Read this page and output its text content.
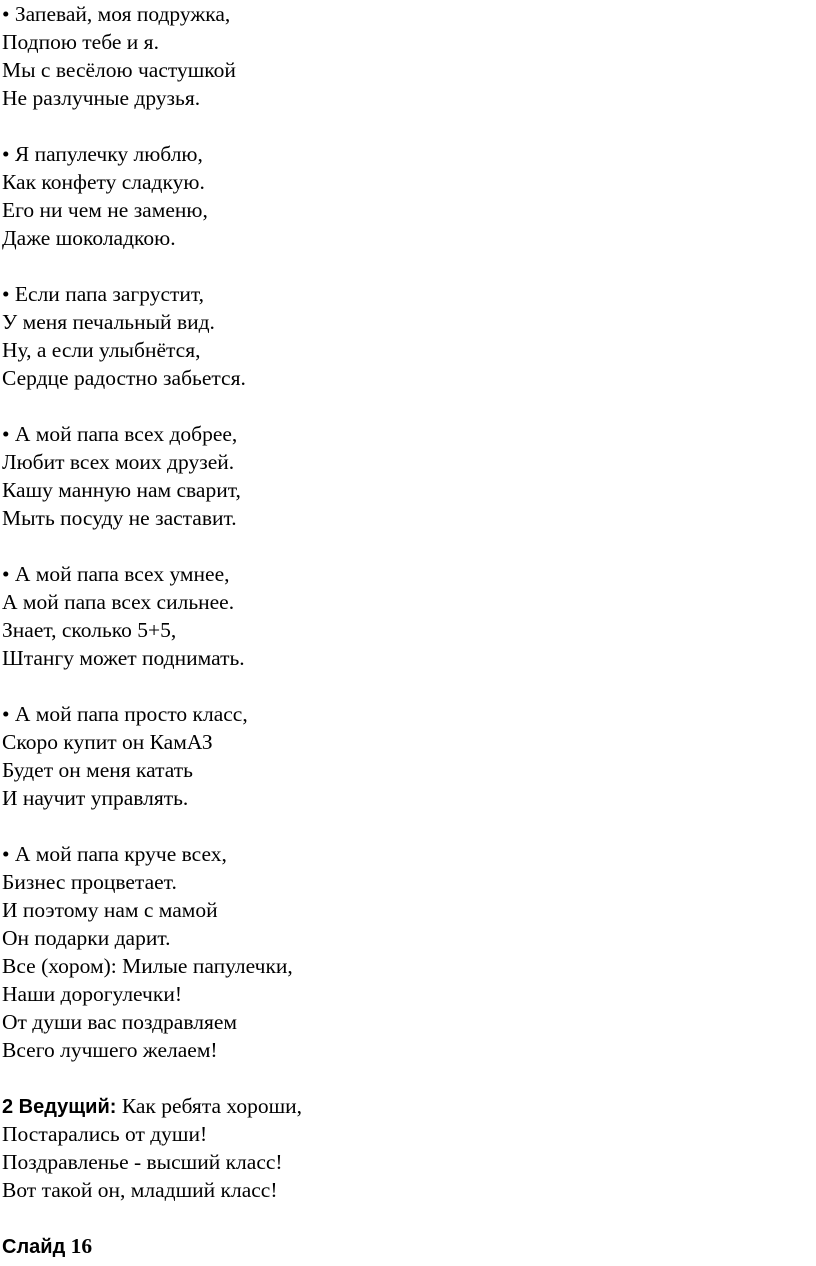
• Запевай, моя подружка,
Подпою тебе и я.
Мы с весёлою частушкой
Не разлучные друзья.
• Я папулечку люблю,
Как конфету сладкую.
Его ни чем не заменю,
Даже шоколадкою.
• Если папа загрустит,
У меня печальный вид.
Ну, а если улыбнётся,
Сердце радостно забьется.
• А мой папа всех добрее,
Любит всех моих друзей.
Кашу манную нам сварит,
Мыть посуду не заставит.
• А мой папа всех умнее,
А мой папа всех сильнее.
Знает, сколько 5+5,
Штангу может поднимать.
• А мой папа просто класс,
Скоро купит он КамАЗ
Будет он меня катать
И научит управлять.
• А мой папа круче всех,
Бизнес процветает.
И поэтому нам с мамой
Он подарки дарит.
Все (хором): Милые папулечки,
Наши дорогулечки!
От души вас поздравляем
Всего лучшего желаем!
2 Ведущий: Как ребята хороши,
Постарались от души!
Поздравленье - высший класс!
Вот такой он, младший класс!
Слайд 16
